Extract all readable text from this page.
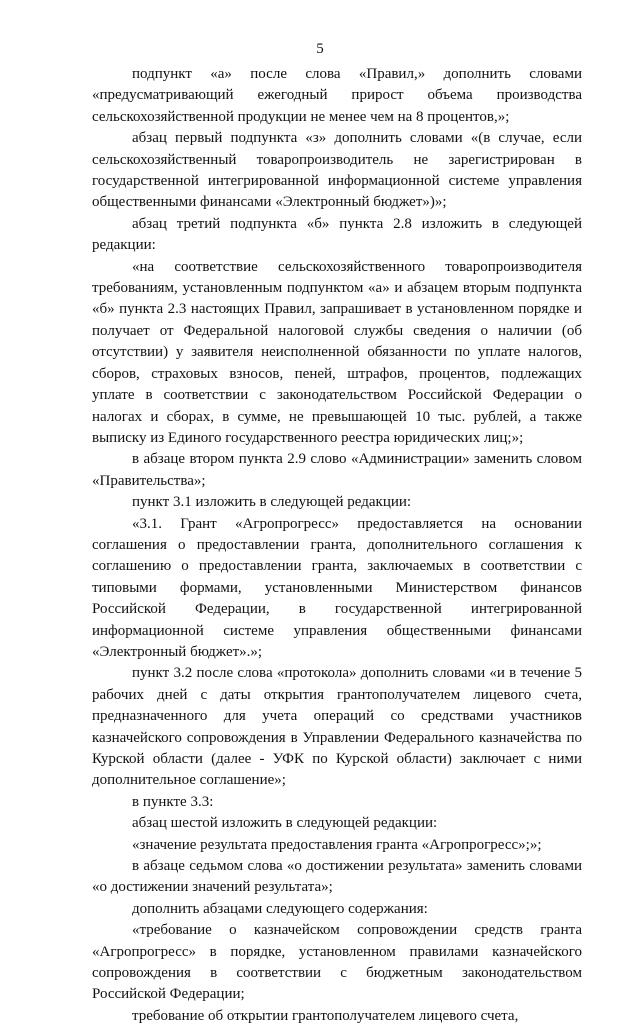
5

подпункт «а» после слова «Правил,» дополнить словами «предусматривающий ежегодный прирост объема производства сельскохозяйственной продукции не менее чем на 8 процентов,»;

абзац первый подпункта «з» дополнить словами «(в случае, если сельскохозяйственный товаропроизводитель не зарегистрирован в государственной интегрированной информационной системе управления общественными финансами «Электронный бюджет»)»;

абзац третий подпункта «б» пункта 2.8 изложить в следующей редакции:

«на соответствие сельскохозяйственного товаропроизводителя требованиям, установленным подпунктом «а» и абзацем вторым подпункта «б» пункта 2.3 настоящих Правил, запрашивает в установленном порядке и получает от Федеральной налоговой службы сведения о наличии (об отсутствии) у заявителя неисполненной обязанности по уплате налогов, сборов, страховых взносов, пеней, штрафов, процентов, подлежащих уплате в соответствии с законодательством Российской Федерации о налогах и сборах, в сумме, не превышающей 10 тыс. рублей, а также выписку из Единого государственного реестра юридических лиц;»;

в абзаце втором пункта 2.9 слово «Администрации» заменить словом «Правительства»;

пункт 3.1 изложить в следующей редакции:

«3.1. Грант «Агропрогресс» предоставляется на основании соглашения о предоставлении гранта, дополнительного соглашения к соглашению о предоставлении гранта, заключаемых в соответствии с типовыми формами, установленными Министерством финансов Российской Федерации, в государственной интегрированной информационной системе управления общественными финансами «Электронный бюджет».»;

пункт 3.2 после слова «протокола» дополнить словами «и в течение 5 рабочих дней с даты открытия грантополучателем лицевого счета, предназначенного для учета операций со средствами участников казначейского сопровождения в Управлении Федерального казначейства по Курской области (далее - УФК по Курской области) заключает с ними дополнительное соглашение»;

в пункте 3.3:

абзац шестой изложить в следующей редакции:

«значение результата предоставления гранта «Агропрогресс»;»;

в абзаце седьмом слова «о достижении результата» заменить словами «о достижении значений результата»;

дополнить абзацами следующего содержания:

«требование о казначейском сопровождении средств гранта «Агропрогресс» в порядке, установленном правилами казначейского сопровождения в соответствии с бюджетным законодательством Российской Федерации;

требование об открытии грантополучателем лицевого счета,
